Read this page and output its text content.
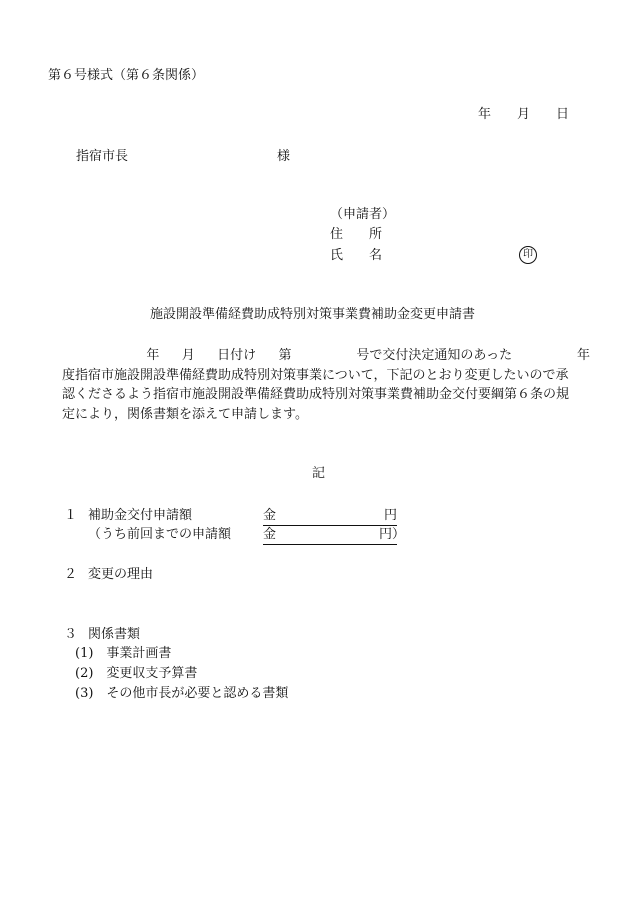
第６号様式（第６条関係）
年 月 日
指宿市長	様
（申請者）
住 所
氏 名	印
施設開設準備経費助成特別対策事業費補助金変更申請書
年 月 日付け 第	号で交付決定通知のあった	年
度指宿市施設開設準備経費助成特別対策事業について，下記のとおり変更したいので承
認くださるよう指宿市施設開設準備経費助成特別対策事業費補助金交付要綱第６条の規
定により，関係書類を添えて申請します。
記
１ 補助金交付申請額	金	円
（うち前回までの申請額 金	円）
２ 変更の理由
３ 関係書類
(1)　事業計画書
(2)　変更収支予算書
(3)　その他市長が必要と認める書類
